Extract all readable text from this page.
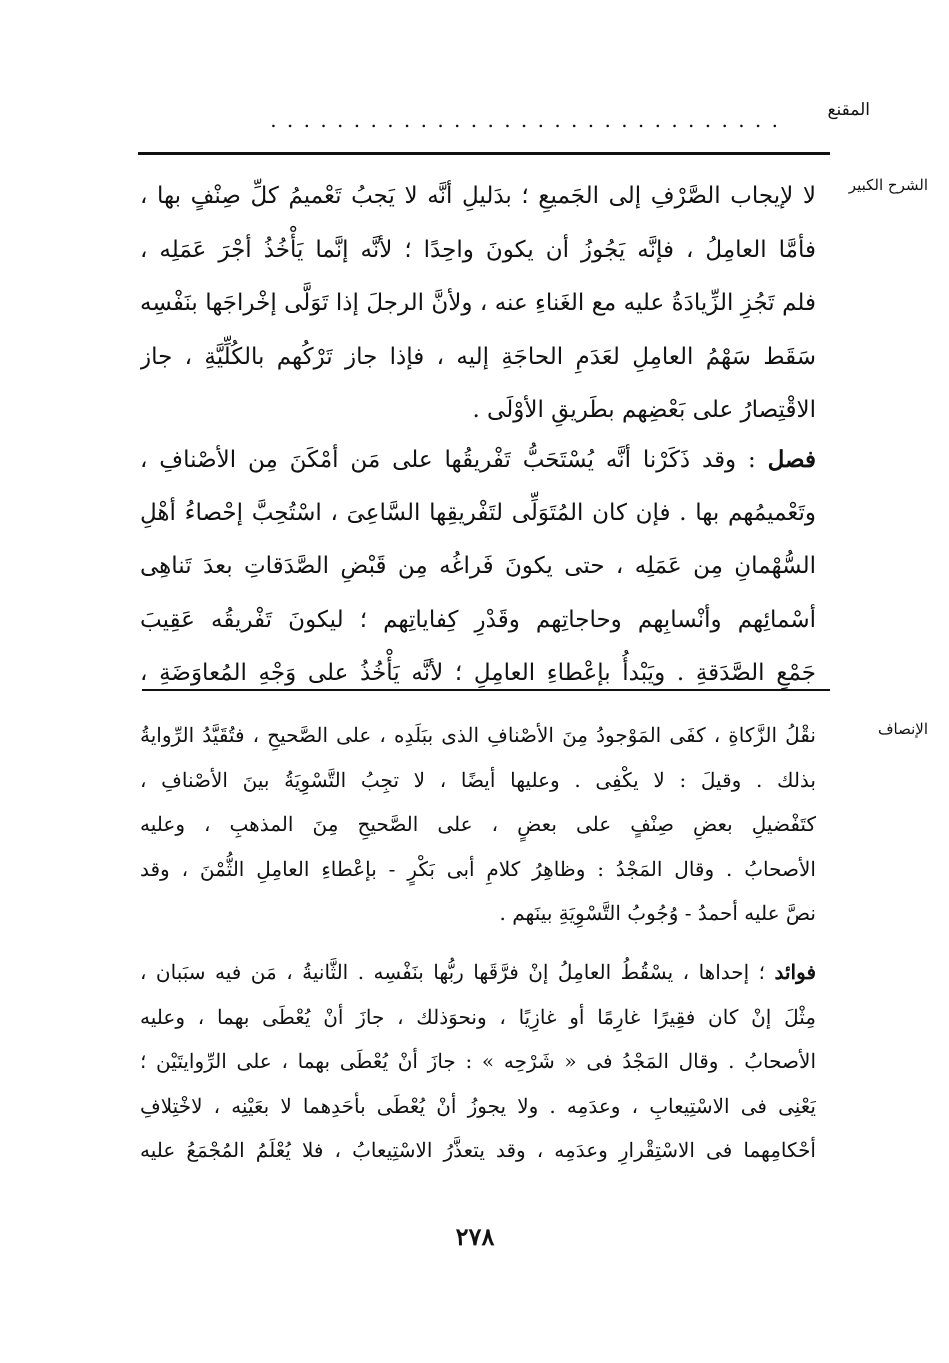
المقنع
. . . . . . . . . . . . . . . . . . . . . . . . . . . . . . .
الشرح الكبير
لا لإيجاب الصَّرْفِ إلى الجَميعِ ؛ بدَليلِ أنَّه لا يَجبُ تَعْميمُ كلِّ صِنْفٍ بها ،
فأمَّا العامِلُ ، فإنَّه يَجُوزُ أن يكونَ واحِدًا ؛ لأنَّه إنَّما يَأْخُذُ أجْرَ عَمَلِه ،
فلم تَجُزِ الزِّيادَةُ عليه مع الغَناءِ عنه ، ولأنَّ الرجلَ إذا تَوَلَّى إخْراجَها بنَفْسِه
سَقَط سَهْمُ العامِلِ لعَدَمِ الحاجَةِ إليه ، فإذا جاز تَرْكُهم بالكُلِّيَّةِ ، جاز
الاقْتِصارُ على بَعْضِهم بطَريقِ الأوْلَى .
فصل : وقد ذَكَرْنا أنَّه يُسْتَحَبُّ تَفْريقُها على مَن أمْكَنَ مِن الأصْنافِ ،
وتَعْميمُهم بها . فإن كان المُتَوَلِّى لتَفْريقِها السَّاعِىَ ، اسْتُحِبَّ إحْصاءُ أهْلِ
السُّهْمانِ مِن عَمَلِه ، حتى يكونَ فَراغُه مِن قَبْضِ الصَّدَقاتِ بعدَ تَناهِى
أسْمائِهم وأنْسابِهم وحاجاتِهم وقَدْرِ كِفاياتِهم ؛ ليكونَ تَفْريقُه عَقِيبَ
جَمْعِ الصَّدَقةِ . ويَبْدأُ بإعْطاءِ العامِلِ ؛ لأنَّه يَأْخُذُ على وَجْهِ المُعاوَضَةِ ،
الإنصاف
نقْلُ الزَّكاةِ ، كفَى المَوْجودُ مِنَ الأصْنافِ الذى ببَلَدِه ، على الصَّحيحِ ، فتُقَيَّدُ الرِّوايةُ
بذلك . وقيلَ : لا يكْفِى . وعليها أيضًا ، لا تجِبُ التَّسْوِيَةُ بينَ الأصْنافِ ،
كتَفْضيلِ بعضِ صِنْفٍ على بعضٍ ، على الصَّحيحِ مِنَ المذهبِ ، وعليه
الأصحابُ . وقال المَجْدُ : وظاهِرُ كلامِ أبى بَكْرٍ - بإعْطاءِ العامِلِ الثُّمْنَ ، وقد
نصَّ عليه أحمدُ - وُجُوبُ التَّسْوِيَةِ بينَهم .
فوائد ؛ إحداها ، يسْقُطُ العامِلُ إنْ فرَّقَها ربُّها بنَفْسِه . الثَّانيةُ ، مَن فيه سبَبان ،
مِثْلَ إنْ كان فقِيرًا غارِمًا أو غازِيًا ، ونحوَذلك ، جازَ أنْ يُعْطَى بهما ، وعليه
الأصحابُ . وقال المَجْدُ فى « شَرْحِه » : جازَ أنْ يُعْطَى بهما ، على الرِّوايتَيْن ؛
يَعْنِى فى الاسْتِيعابِ ، وعدَمِه . ولا يجوزُ أنْ يُعْطَى بأحَدِهما لا بعَيْنِه ، لاخْتِلافِ
أحْكامِهما فى الاسْتِقْرارِ وعدَمِه ، وقد يتعذَّرُ الاسْتِيعابُ ، فلا يُعْلَمُ المُجْمَعُ عليه
٢٧٨
